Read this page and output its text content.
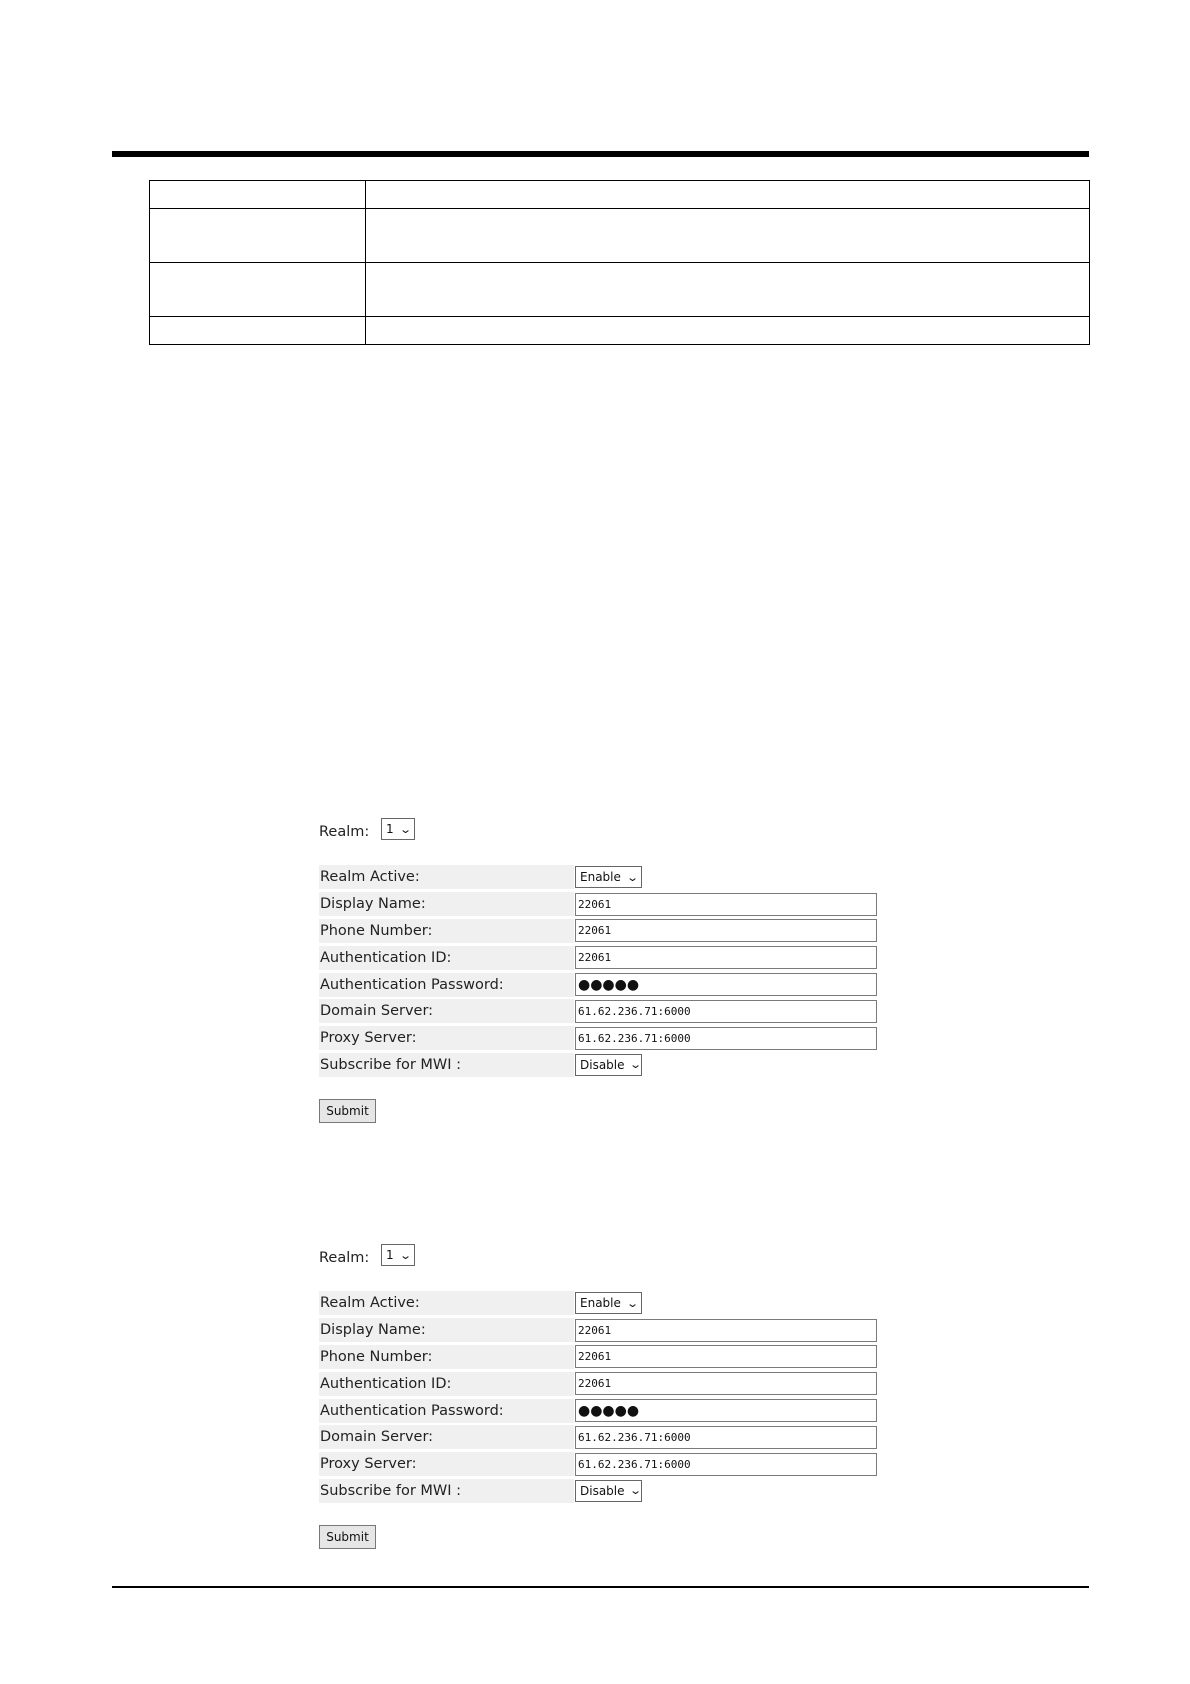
Realm:	1 ⌄
Realm Active:	Enable ⌄
Display Name:	22061
Phone Number:	22061
Authentication ID:	22061
Authentication Password:	●●●●●
Domain Server:	61.62.236.71:6000
Proxy Server:	61.62.236.71:6000
Subscribe for MWI :	Disable ⌄
Submit
Realm:	1 ⌄
Realm Active:	Enable ⌄
Display Name:	22061
Phone Number:	22061
Authentication ID:	22061
Authentication Password:	●●●●●
Domain Server:	61.62.236.71:6000
Proxy Server:	61.62.236.71:6000
Subscribe for MWI :	Disable ⌄
Submit
